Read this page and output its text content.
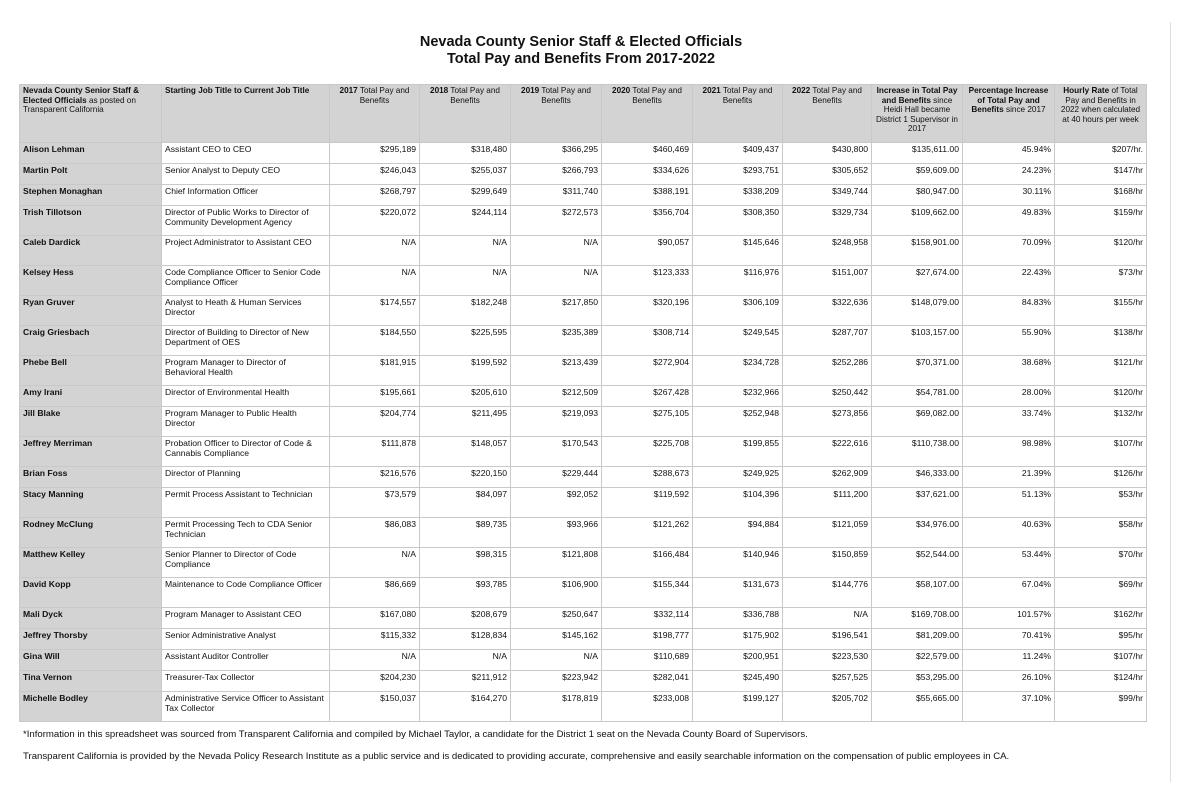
Nevada County Senior Staff & Elected Officials
Total Pay and Benefits From 2017-2022
Nevada County Senior Staff & Elected Officials as posted on Transparent California	Starting Job Title to Current Job Title	2017 Total Pay and Benefits	2018 Total Pay and Benefits	2019 Total Pay and Benefits	2020 Total Pay and Benefits	2021 Total Pay and Benefits	2022 Total Pay and Benefits	Increase in Total Pay and Benefits since Heidi Hall became District 1 Supervisor in 2017	Percentage Increase of Total Pay and Benefits since 2017	Hourly Rate of Total Pay and Benefits in 2022 when calculated at 40 hours per week
Alison Lehman	Assistant CEO to CEO	$295,189	$318,480	$366,295	$460,469	$409,437	$430,800	$135,611.00	45.94%	$207/hr.
Martin Polt	Senior Analyst to Deputy CEO	$246,043	$255,037	$266,793	$334,626	$293,751	$305,652	$59,609.00	24.23%	$147/hr
Stephen Monaghan	Chief Information Officer	$268,797	$299,649	$311,740	$388,191	$338,209	$349,744	$80,947.00	30.11%	$168/hr
Trish Tillotson	Director of Public Works to Director of Community Development Agency	$220,072	$244,114	$272,573	$356,704	$308,350	$329,734	$109,662.00	49.83%	$159/hr
Caleb Dardick	Project Administrator to Assistant CEO	N/A	N/A	N/A	$90,057	$145,646	$248,958	$158,901.00	70.09%	$120/hr
Kelsey Hess	Code Compliance Officer to Senior Code Compliance Officer	N/A	N/A	N/A	$123,333	$116,976	$151,007	$27,674.00	22.43%	$73/hr
Ryan Gruver	Analyst to Heath & Human Services Director	$174,557	$182,248	$217,850	$320,196	$306,109	$322,636	$148,079.00	84.83%	$155/hr
Craig Griesbach	Director of Building to Director of New Department of OES	$184,550	$225,595	$235,389	$308,714	$249,545	$287,707	$103,157.00	55.90%	$138/hr
Phebe Bell	Program Manager to Director of Behavioral Health	$181,915	$199,592	$213,439	$272,904	$234,728	$252,286	$70,371.00	38.68%	$121/hr
Amy Irani	Director of Environmental Health	$195,661	$205,610	$212,509	$267,428	$232,966	$250,442	$54,781.00	28.00%	$120/hr
Jill Blake	Program Manager to Public Health Director	$204,774	$211,495	$219,093	$275,105	$252,948	$273,856	$69,082.00	33.74%	$132/hr
Jeffrey Merriman	Probation Officer to Director of Code & Cannabis Compliance	$111,878	$148,057	$170,543	$225,708	$199,855	$222,616	$110,738.00	98.98%	$107/hr
Brian Foss	Director of Planning	$216,576	$220,150	$229,444	$288,673	$249,925	$262,909	$46,333.00	21.39%	$126/hr
Stacy Manning	Permit Process Assistant to Technician	$73,579	$84,097	$92,052	$119,592	$104,396	$111,200	$37,621.00	51.13%	$53/hr
Rodney McClung	Permit Processing Tech to CDA Senior Technician	$86,083	$89,735	$93,966	$121,262	$94,884	$121,059	$34,976.00	40.63%	$58/hr
Matthew Kelley	Senior Planner to Director of Code Compliance	N/A	$98,315	$121,808	$166,484	$140,946	$150,859	$52,544.00	53.44%	$70/hr
David Kopp	Maintenance to Code Compliance Officer	$86,669	$93,785	$106,900	$155,344	$131,673	$144,776	$58,107.00	67.04%	$69/hr
Mali Dyck	Program Manager to Assistant CEO	$167,080	$208,679	$250,647	$332,114	$336,788	N/A	$169,708.00	101.57%	$162/hr
Jeffrey Thorsby	Senior Administrative Analyst	$115,332	$128,834	$145,162	$198,777	$175,902	$196,541	$81,209.00	70.41%	$95/hr
Gina Will	Assistant Auditor Controller	N/A	N/A	N/A	$110,689	$200,951	$223,530	$22,579.00	11.24%	$107/hr
Tina Vernon	Treasurer-Tax Collector	$204,230	$211,912	$223,942	$282,041	$245,490	$257,525	$53,295.00	26.10%	$124/hr
Michelle Bodley	Administrative Service Officer to Assistant Tax Collector	$150,037	$164,270	$178,819	$233,008	$199,127	$205,702	$55,665.00	37.10%	$99/hr
*Information in this spreadsheet was sourced from Transparent California and compiled by Michael Taylor, a candidate for the District 1 seat on the Nevada County Board of Supervisors.
Transparent California is provided by the Nevada Policy Research Institute as a public service and is dedicated to providing accurate, comprehensive and easily searchable information on the compensation of public employees in CA.
